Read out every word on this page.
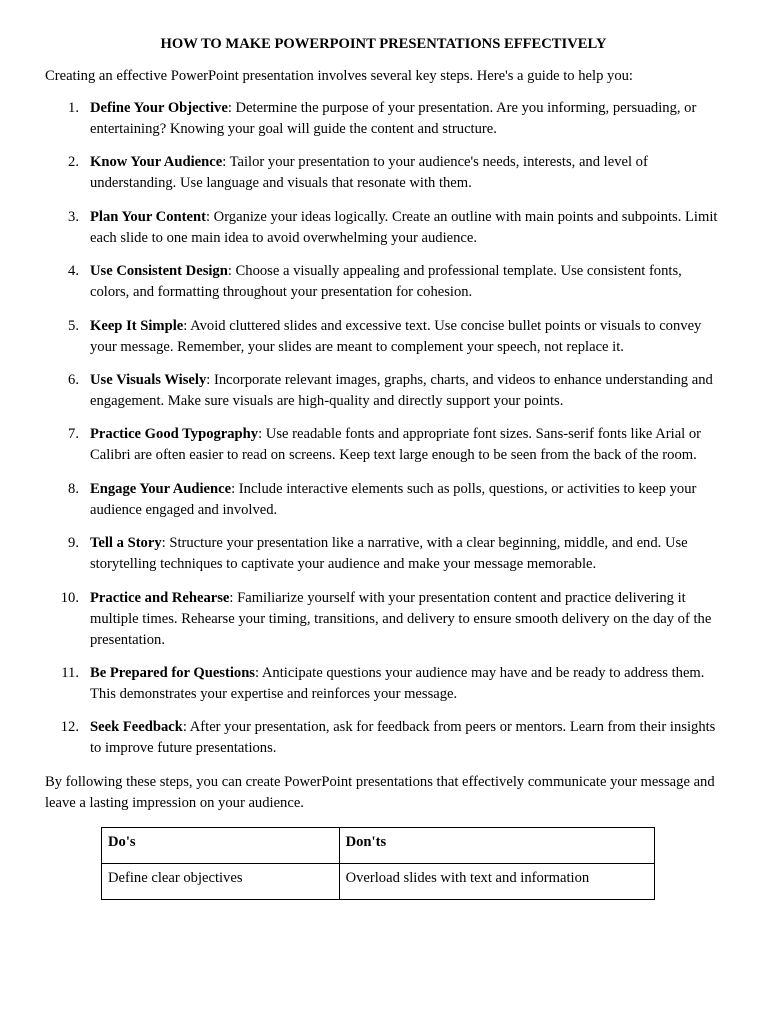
HOW TO MAKE POWERPOINT PRESENTATIONS EFFECTIVELY

Creating an effective PowerPoint presentation involves several key steps. Here's a guide to help you:

1. Define Your Objective: Determine the purpose of your presentation. Are you informing, persuading, or entertaining? Knowing your goal will guide the content and structure.
2. Know Your Audience: Tailor your presentation to your audience's needs, interests, and level of understanding. Use language and visuals that resonate with them.
3. Plan Your Content: Organize your ideas logically. Create an outline with main points and subpoints. Limit each slide to one main idea to avoid overwhelming your audience.
4. Use Consistent Design: Choose a visually appealing and professional template. Use consistent fonts, colors, and formatting throughout your presentation for cohesion.
5. Keep It Simple: Avoid cluttered slides and excessive text. Use concise bullet points or visuals to convey your message. Remember, your slides are meant to complement your speech, not replace it.
6. Use Visuals Wisely: Incorporate relevant images, graphs, charts, and videos to enhance understanding and engagement. Make sure visuals are high-quality and directly support your points.
7. Practice Good Typography: Use readable fonts and appropriate font sizes. Sans-serif fonts like Arial or Calibri are often easier to read on screens. Keep text large enough to be seen from the back of the room.
8. Engage Your Audience: Include interactive elements such as polls, questions, or activities to keep your audience engaged and involved.
9. Tell a Story: Structure your presentation like a narrative, with a clear beginning, middle, and end. Use storytelling techniques to captivate your audience and make your message memorable.
10. Practice and Rehearse: Familiarize yourself with your presentation content and practice delivering it multiple times. Rehearse your timing, transitions, and delivery to ensure smooth delivery on the day of the presentation.
11. Be Prepared for Questions: Anticipate questions your audience may have and be ready to address them. This demonstrates your expertise and reinforces your message.
12. Seek Feedback: After your presentation, ask for feedback from peers or mentors. Learn from their insights to improve future presentations.

By following these steps, you can create PowerPoint presentations that effectively communicate your message and leave a lasting impression on your audience.

Do's	Don'ts
Define clear objectives	Overload slides with text and information
